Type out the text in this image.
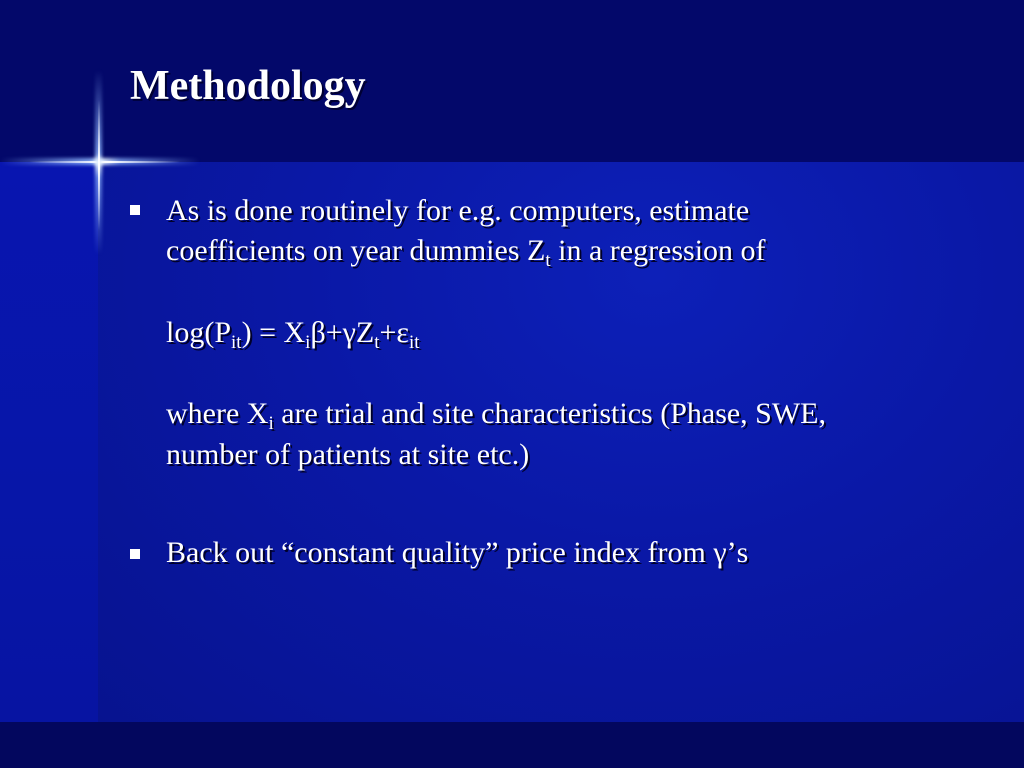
Methodology
As is done routinely for e.g. computers, estimate
coefficients on year dummies $Z_t$ in a regression of
$\log(P_{it}) = X_i\beta+\gamma Z_t+\varepsilon_{it}$
where $X_i$ are trial and site characteristics (Phase, SWE,
number of patients at site etc.)
Back out “constant quality” price index from γ’s
